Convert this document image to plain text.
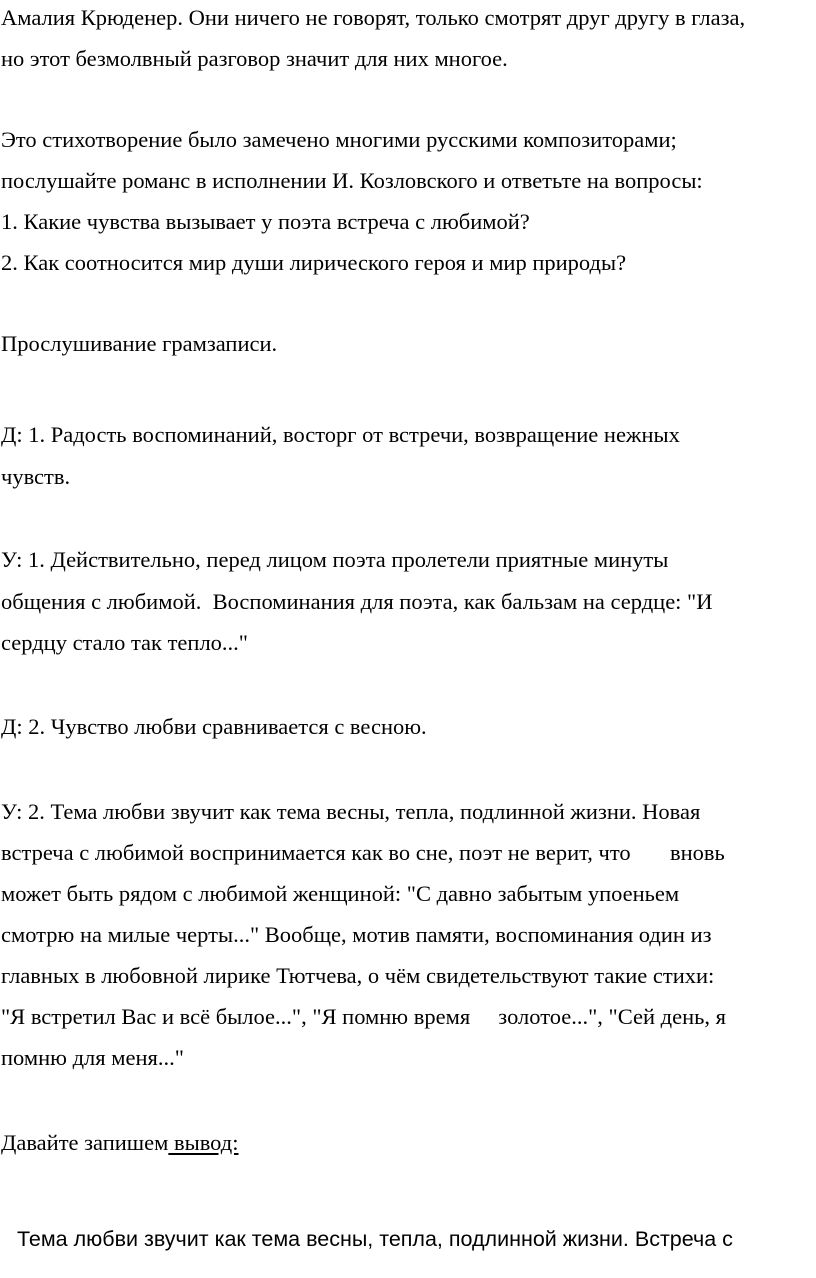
Амалия Крюденер. Они ничего не говорят, только смотрят друг другу в глаза,
но этот безмолвный разговор значит для них многое.
Это стихотворение было замечено многими русскими композиторами;
послушайте романс в исполнении И. Козловского и ответьте на вопросы:
1. Какие чувства вызывает у поэта встреча с любимой?
2. Как соотносится мир души лирического героя и мир природы?
Прослушивание грамзаписи.
Д: 1. Радость воспоминаний, восторг от встречи, возвращение нежных
чувств.
У: 1. Действительно, перед лицом поэта пролетели приятные минуты
общения с любимой.  Воспоминания для поэта, как бальзам на сердце: "И
сердцу стало так тепло..."
Д: 2. Чувство любви сравнивается с весною.
У: 2. Тема любви звучит как тема весны, тепла, подлинной жизни. Новая
встреча с любимой воспринимается как во сне, поэт не верит, что       вновь
может быть рядом с любимой женщиной: "С давно забытым упоеньем
смотрю на милые черты..." Вообще, мотив памяти, воспоминания один из
главных в любовной лирике Тютчева, о чём свидетельствуют такие стихи:
"Я встретил Вас и всё былое...", "Я помню время     золотое...", "Сей день, я
помню для меня..."
Давайте запишем вывод:
Тема любви звучит как тема весны, тепла, подлинной жизни. Встреча с
